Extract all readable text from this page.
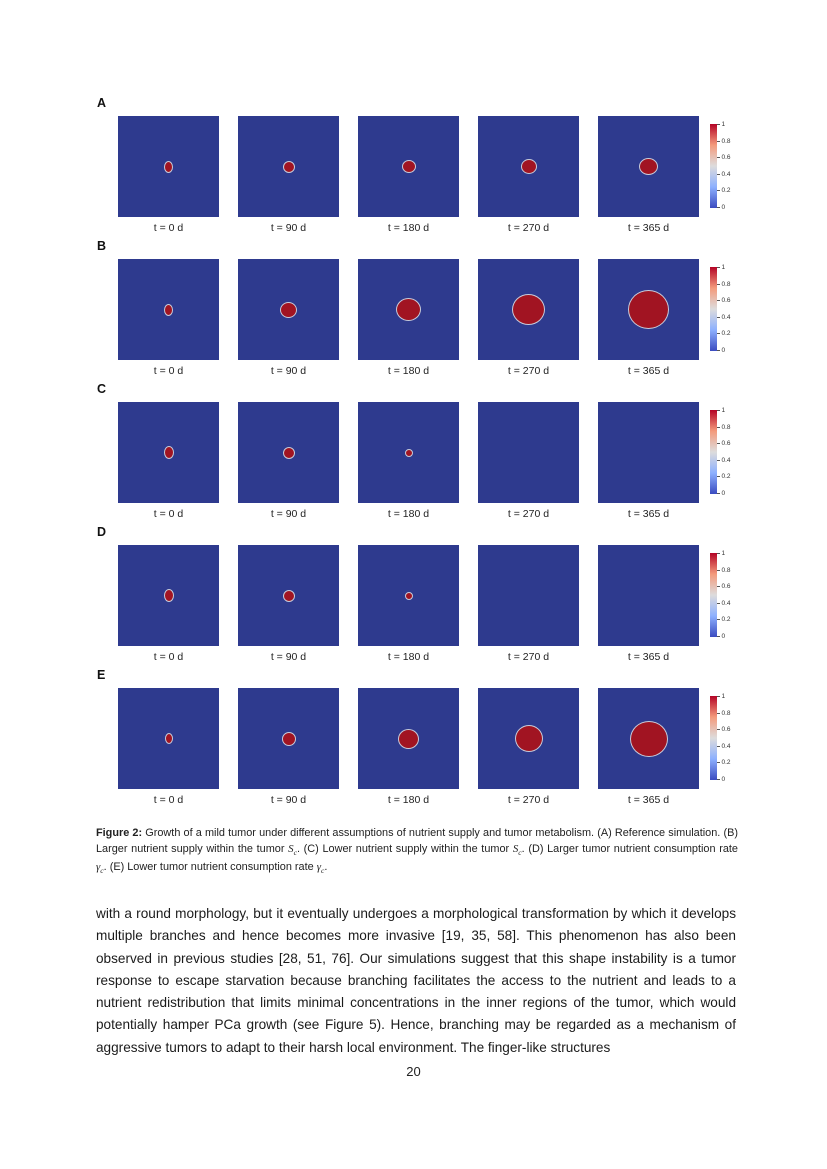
A
1
0.8
0.6
0.4
0.2
0
t = 0 d	t = 90 d	t = 180 d	t = 270 d	t = 365 d
B
1
0.8
0.6
0.4
0.2
0
t = 0 d	t = 90 d	t = 180 d	t = 270 d	t = 365 d
C
1
0.8
0.6
0.4
0.2
0
t = 0 d	t = 90 d	t = 180 d	t = 270 d	t = 365 d
D
1
0.8
0.6
0.4
0.2
0
t = 0 d	t = 90 d	t = 180 d	t = 270 d	t = 365 d
E
1
0.8
0.6
0.4
0.2
0
t = 0 d	t = 90 d	t = 180 d	t = 270 d	t = 365 d

Figure 2: Growth of a mild tumor under different assumptions of nutrient supply and tumor metabolism. (A) Reference simulation. (B) Larger nutrient supply within the tumor $S_c$. (C) Lower nutrient supply within the tumor $S_c$. (D) Larger tumor nutrient consumption rate $\gamma_c$. (E) Lower tumor nutrient consumption rate $\gamma_c$.

with a round morphology, but it eventually undergoes a morphological transformation by which it develops multiple branches and hence becomes more invasive [19, 35, 58]. This phenomenon has also been observed in previous studies [28, 51, 76]. Our simulations suggest that this shape instability is a tumor response to escape starvation because branching facilitates the access to the nutrient and leads to a nutrient redistribution that limits minimal concentrations in the inner regions of the tumor, which would potentially hamper PCa growth (see Figure 5). Hence, branching may be regarded as a mechanism of aggressive tumors to adapt to their harsh local environment. The finger-like structures

20
